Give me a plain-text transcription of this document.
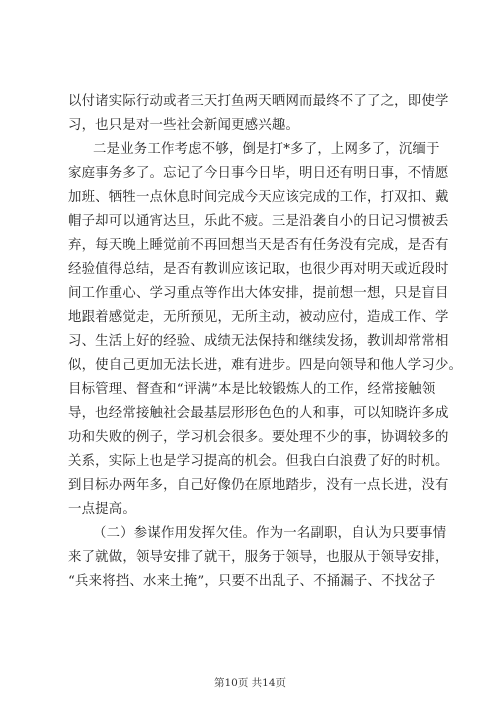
以付诸实际行动或者三天打鱼两天晒网而最终不了了之，即使学
习，也只是对一些社会新闻更感兴趣。
二是业务工作考虑不够，倒是打*多了，上网多了，沉缅于
家庭事务多了。忘记了今日事今日毕，明日还有明日事，不情愿
加班、牺牲一点休息时间完成今天应该完成的工作，打双扣、戴
帽子却可以通宵达旦，乐此不疲。三是沿袭自小的日记习惯被丢
弃，每天晚上睡觉前不再回想当天是否有任务没有完成，是否有
经验值得总结，是否有教训应该记取，也很少再对明天或近段时
间工作重心、学习重点等作出大体安排，提前想一想，只是盲目
地跟着感觉走，无所预见，无所主动，被动应付，造成工作、学
习、生活上好的经验、成绩无法保持和继续发扬，教训却常常相
似，使自己更加无法长进，难有进步。四是向领导和他人学习少。
目标管理、督查和“评满”本是比较锻炼人的工作，经常接触领
导，也经常接触社会最基层形形色色的人和事，可以知晓许多成
功和失败的例子，学习机会很多。要处理不少的事，协调较多的
关系，实际上也是学习提高的机会。但我白白浪费了好的时机。
到目标办两年多，自己好像仍在原地踏步，没有一点长进，没有
一点提高。
（二）参谋作用发挥欠佳。作为一名副职，自认为只要事情
来了就做，领导安排了就干，服务于领导，也服从于领导安排，
“兵来将挡、水来土掩”，只要不出乱子、不捅漏子、不找岔子
第10页 共14页
